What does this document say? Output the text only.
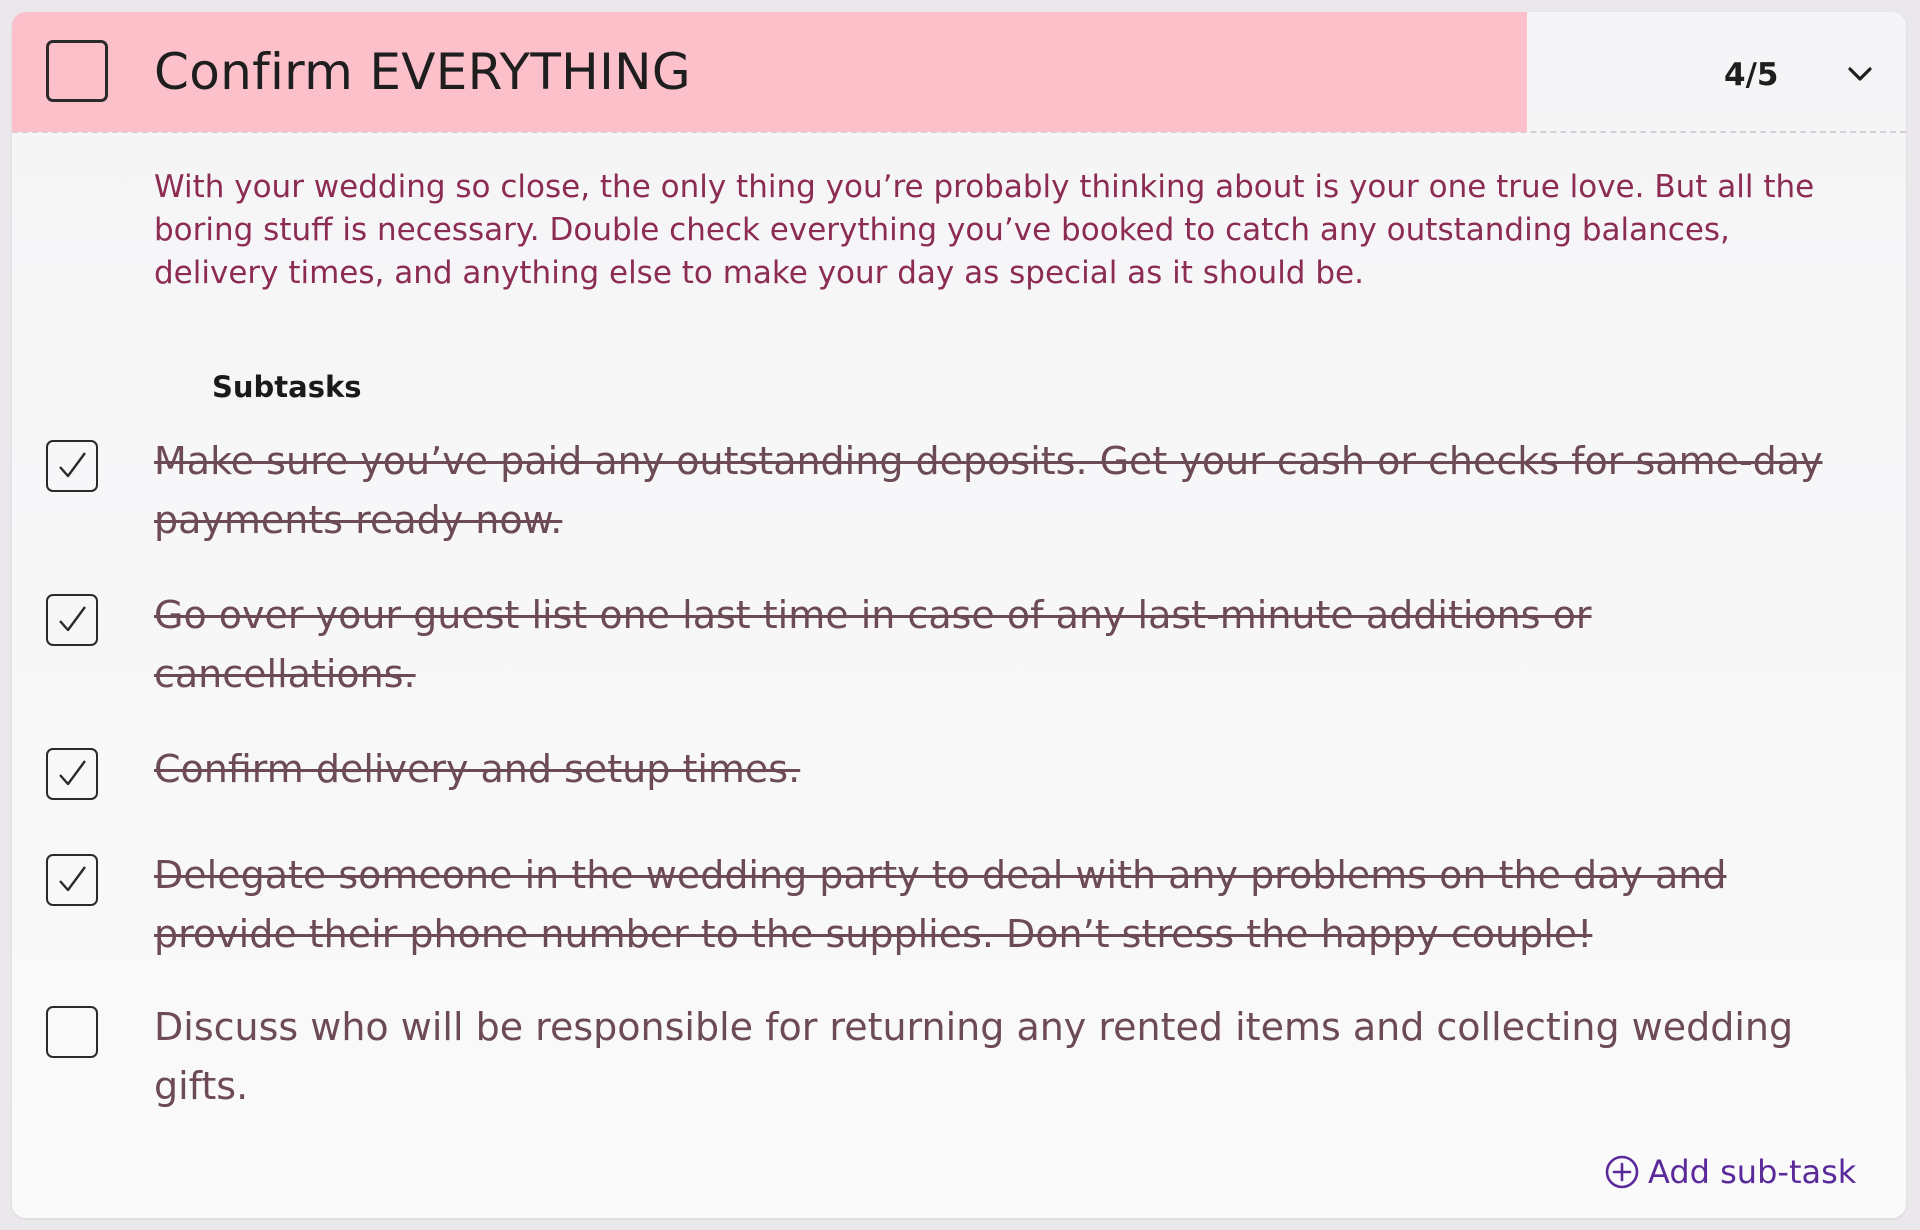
Confirm EVERYTHING	4/5

With your wedding so close, the only thing you’re probably thinking about is your one true love. But all the boring stuff is necessary. Double check everything you’ve booked to catch any outstanding balances, delivery times, and anything else to make your day as special as it should be.

Subtasks

Make sure you’ve paid any outstanding deposits. Get your cash or checks for same-day payments ready now.

Go over your guest list one last time in case of any last-minute additions or cancellations.

Confirm delivery and setup times.

Delegate someone in the wedding party to deal with any problems on the day and provide their phone number to the supplies. Don’t stress the happy couple!

Discuss who will be responsible for returning any rented items and collecting wedding gifts.

Add sub-task
